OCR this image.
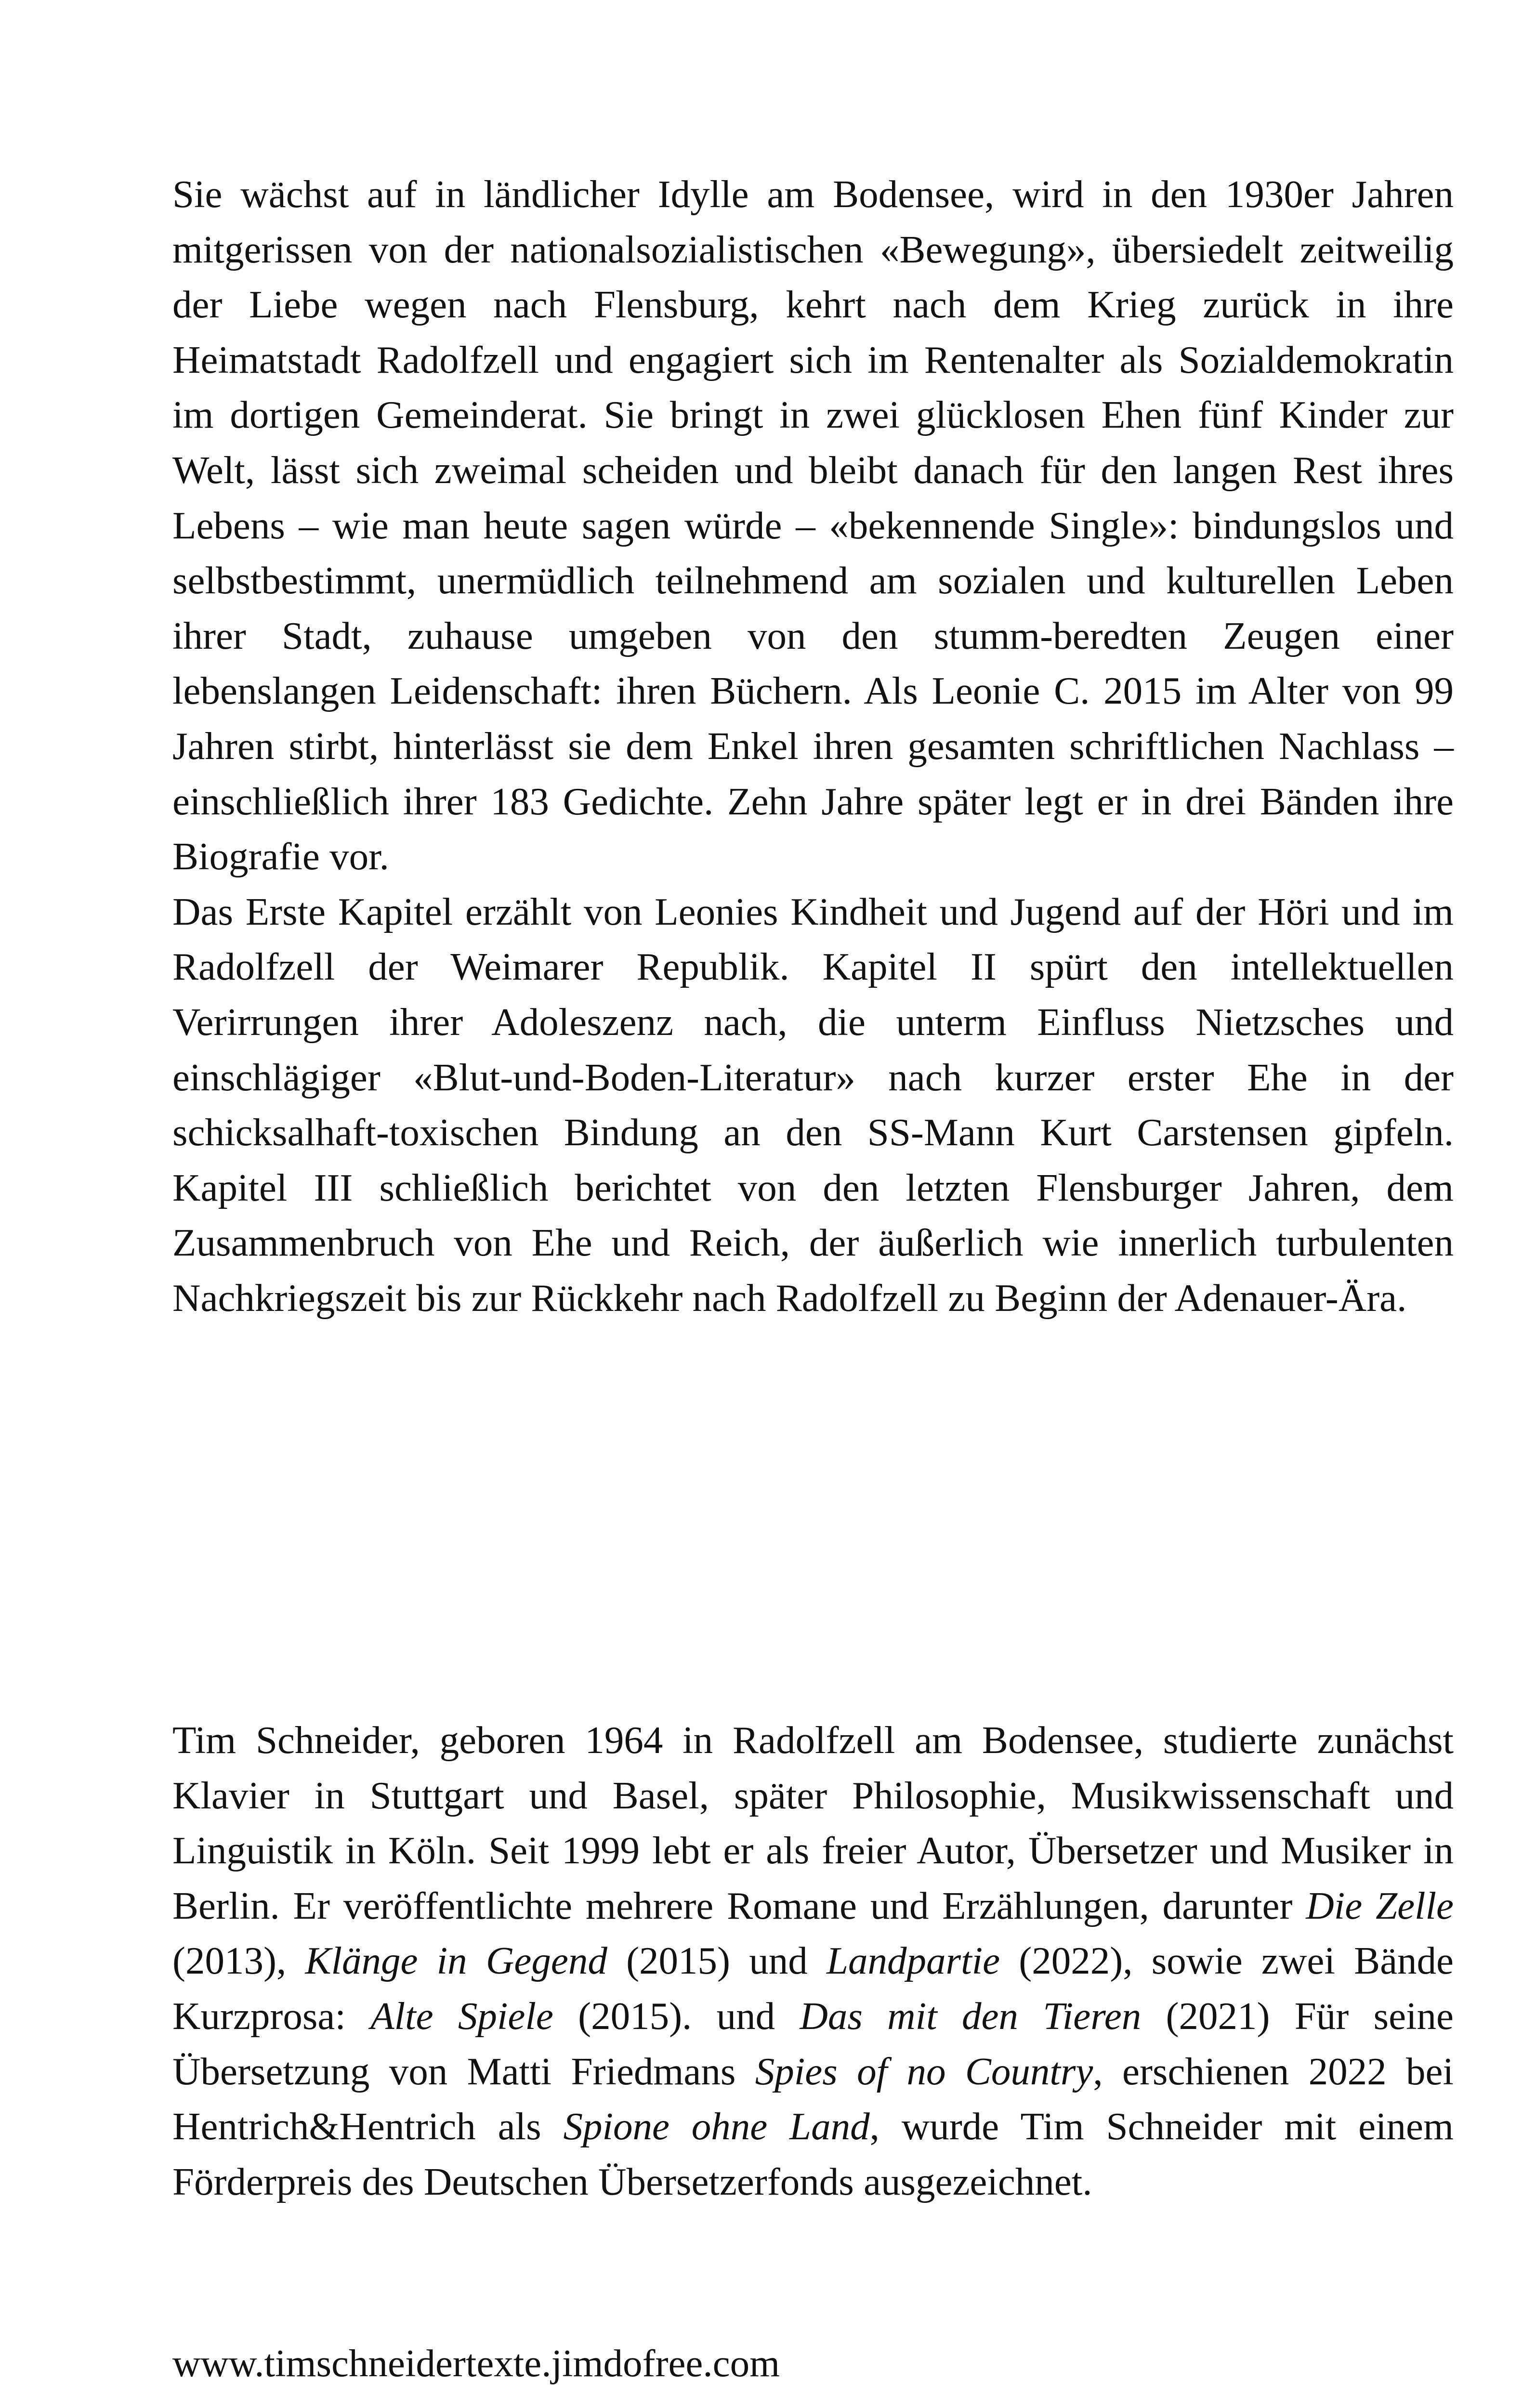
Sie wächst auf in ländlicher Idylle am Bodensee, wird in den 1930er Jahren mitgerissen von der nationalsozialistischen «Bewegung», übersiedelt zeitweilig der Liebe wegen nach Flensburg, kehrt nach dem Krieg zurück in ihre Heimatstadt Radolfzell und engagiert sich im Rentenalter als Sozialdemokratin im dortigen Gemeinderat. Sie bringt in zwei glücklosen Ehen fünf Kinder zur Welt, lässt sich zweimal scheiden und bleibt danach für den langen Rest ihres Lebens – wie man heute sagen würde – «bekennende Single»: bindungslos und selbstbestimmt, unermüdlich teilnehmend am sozialen und kulturellen Leben ihrer Stadt, zuhause umgeben von den stumm-beredten Zeugen einer lebenslangen Leidenschaft: ihren Büchern. Als Leonie C. 2015 im Alter von 99 Jahren stirbt, hinterlässt sie dem Enkel ihren gesamten schriftlichen Nachlass – einschließlich ihrer 183 Gedichte. Zehn Jahre später legt er in drei Bänden ihre Biografie vor.

Das Erste Kapitel erzählt von Leonies Kindheit und Jugend auf der Höri und im Radolfzell der Weimarer Republik. Kapitel II spürt den intellektuellen Verirrungen ihrer Adoleszenz nach, die unterm Einfluss Nietzsches und einschlägiger «Blut-und-Boden-Literatur» nach kurzer erster Ehe in der schicksalhaft-toxischen Bindung an den SS-Mann Kurt Carstensen gipfeln. Kapitel III schließlich berichtet von den letzten Flensburger Jahren, dem Zusammenbruch von Ehe und Reich, der äußerlich wie innerlich turbulenten Nachkriegszeit bis zur Rückkehr nach Radolfzell zu Beginn der Adenauer-Ära.

Tim Schneider, geboren 1964 in Radolfzell am Bodensee, studierte zunächst Klavier in Stuttgart und Basel, später Philosophie, Musikwissenschaft und Linguistik in Köln. Seit 1999 lebt er als freier Autor, Übersetzer und Musiker in Berlin. Er veröffentlichte mehrere Romane und Erzählungen, darunter Die Zelle (2013), Klänge in Gegend (2015) und Landpartie (2022), sowie zwei Bände Kurzprosa: Alte Spiele (2015). und Das mit den Tieren (2021) Für seine Übersetzung von Matti Friedmans Spies of no Country, erschienen 2022 bei Hentrich&Hentrich als Spione ohne Land, wurde Tim Schneider mit einem Förderpreis des Deutschen Übersetzerfonds ausgezeichnet.

www.timschneidertexte.jimdofree.com
